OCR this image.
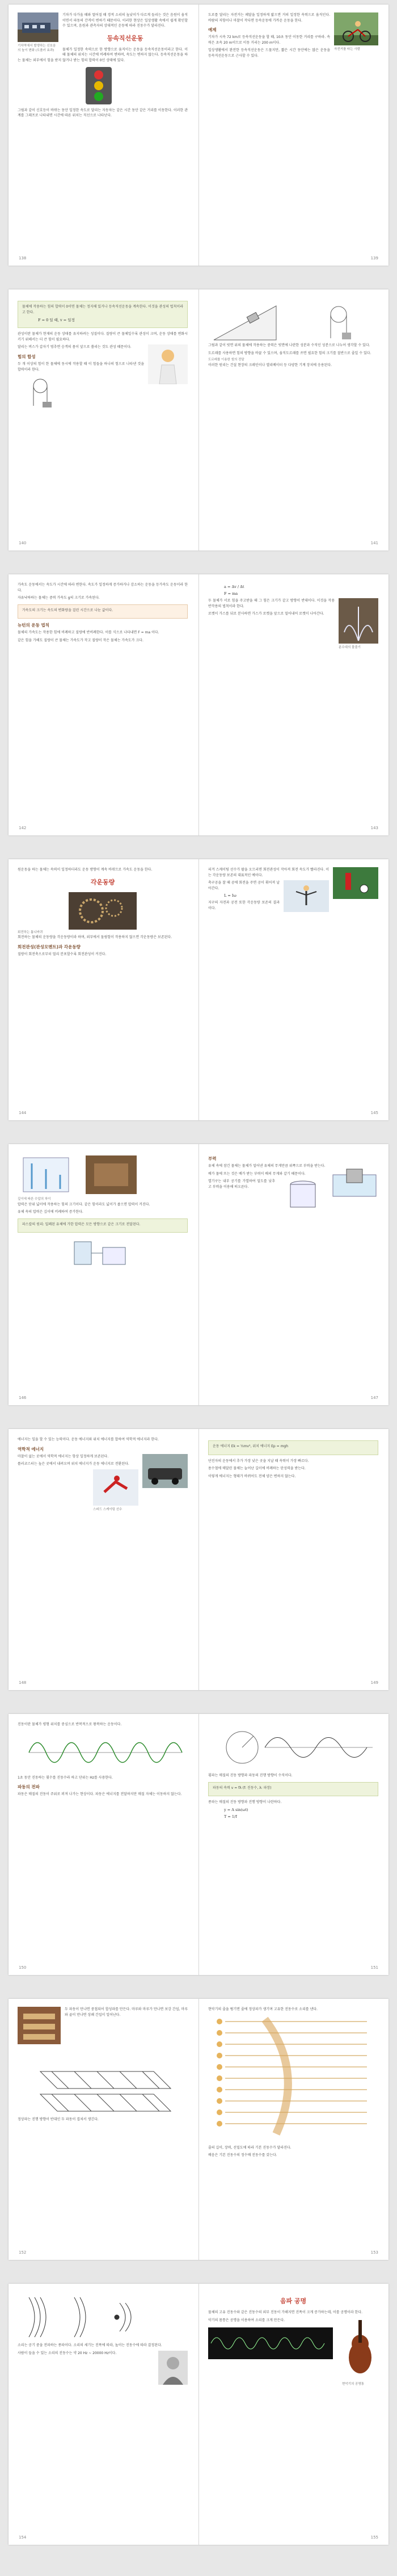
기차역에서 발생하는 신호음의 높이 변화 (도플러 효과)

기차가 다가올 때와 멀어질 때 경적 소리의 높낮이가 다르게 들리는 것은 음원이 움직이면서 파동의 간격이 변하기 때문이다. 이러한 현상은 일상생활 속에서 쉽게 확인할 수 있으며, 음원과 관측자의 상대적인 운동에 따라 진동수가 달라진다.

등속직선운동

물체가 일정한 속력으로 한 방향으로 움직이는 운동을 등속직선운동이라고 한다. 이때 물체의 위치는 시간에 비례하여 변하며, 속도는 변하지 않는다. 등속직선운동을 하는 물체는 외부에서 힘을 받지 않거나 받는 힘의 합력이 0인 상태에 있다.

그림과 같이 신호등이 바뀌는 동안 일정한 속도로 달리는 자동차는 같은 시간 동안 같은 거리를 이동한다. 이러한 관계를 그래프로 나타내면 시간에 따른 위치는 직선으로 나타난다.

자전거를 타는 사람

도로를 달리는 자전거는 페달을 일정하게 밟으면 거의 일정한 속력으로 움직인다. 바람의 저항이나 마찰이 작다면 등속운동에 가까운 운동을 한다.

예제

기차가 시속 72 km로 등속직선운동을 할 때, 10초 동안 이동한 거리를 구하라. 속력은 초속 20 m이므로 이동 거리는 200 m이다.

일상생활에서 완전한 등속직선운동은 드물지만, 짧은 시간 동안에는 많은 운동을 등속직선운동으로 근사할 수 있다.

138	139

물체에 작용하는 힘의 합력이 0이면 물체는 정지해 있거나 등속직선운동을 계속한다. 이것을 관성의 법칙이라고 한다.

F = 0 일 때, v = 일정

관성이란 물체가 현재의 운동 상태를 유지하려는 성질이다. 질량이 큰 물체일수록 관성이 크며, 운동 상태를 변화시키기 위해서는 더 큰 힘이 필요하다.

달리는 버스가 갑자기 멈추면 승객의 몸이 앞으로 쏠리는 것도 관성 때문이다.

힘의 합성

두 개 이상의 힘이 한 물체에 동시에 작용할 때 이 힘들을 하나의 힘으로 나타낸 것을 합력이라 한다.

그림과 같이 빗면 위의 물체에 작용하는 중력은 빗면에 나란한 성분과 수직인 성분으로 나누어 생각할 수 있다.

도르래를 사용하면 힘의 방향을 바꿀 수 있으며, 움직도르래를 쓰면 필요한 힘의 크기를 절반으로 줄일 수 있다.

도르래를 이용한 힘의 전달

이러한 원리는 건설 현장의 크레인이나 엘리베이터 등 다양한 기계 장치에 응용된다.

140	141

가속도 운동에서는 속도가 시간에 따라 변한다. 속도가 일정하게 증가하거나 감소하는 운동을 등가속도 운동이라 한다.

자유낙하하는 물체는 중력 가속도 g의 크기로 가속된다.

가속도의 크기는 속도의 변화량을 걸린 시간으로 나눈 값이다.

뉴턴의 운동 법칙

물체의 가속도는 작용한 힘에 비례하고 질량에 반비례한다. 이를 식으로 나타내면 F = ma 이다.

같은 힘을 가해도 질량이 큰 물체는 가속도가 작고 질량이 작은 물체는 가속도가 크다.

a = Δv / Δt
F = ma
분수대의 물줄기

두 물체가 서로 힘을 주고받을 때 그 힘은 크기가 같고 방향이 반대이다. 이것을 작용 반작용의 법칙이라 한다.

로켓이 가스를 뒤로 분사하면 가스가 로켓을 앞으로 밀어내어 로켓이 나아간다.

142	143

원운동을 하는 물체는 속력이 일정하더라도 운동 방향이 계속 바뀌므로 가속도 운동을 한다.

각운동량
회전하는 톱니바퀴

회전하는 물체의 운동량을 각운동량이라 하며, 외부에서 돌림힘이 작용하지 않으면 각운동량은 보존된다.

회전관성(관성모멘트)과 각운동량

질량이 회전축으로부터 멀리 분포할수록 회전관성이 커진다.

피겨 스케이팅 선수가 팔을 오므리면 회전관성이 작아져 회전 속도가 빨라진다. 이는 각운동량 보존의 대표적인 예이다.

축구공을 찰 때 공에 회전을 주면 공이 휘어져 날아간다.

L = Iω

지구의 자전과 공전 또한 각운동량 보존의 결과이다.

144	145
깊이에 따른 수압의 차이

압력은 단위 넓이에 작용하는 힘의 크기이다. 같은 힘이라도 넓이가 좁으면 압력이 커진다.

유체 속의 압력은 깊이에 비례하여 증가한다.

파스칼의 원리: 밀폐된 유체에 가한 압력은 모든 방향으로 같은 크기로 전달된다.

부력

유체 속에 잠긴 물체는 물체가 밀어낸 유체의 무게만큼 위쪽으로 부력을 받는다.

배가 물에 뜨는 것은 배가 받는 부력이 배의 무게와 같기 때문이다.

열기구는 내부 공기를 가열하여 밀도를 낮추고 부력을 이용해 떠오른다.

146	147

에너지는 일을 할 수 있는 능력이다. 운동 에너지와 위치 에너지를 합하여 역학적 에너지라 한다.

역학적 에너지

마찰이 없는 곳에서 역학적 에너지는 항상 일정하게 보존된다.

롤러코스터는 높은 곳에서 내려오며 위치 에너지가 운동 에너지로 전환된다.

스피드 스케이팅 선수

운동 에너지 Ek = ½mv², 위치 에너지 Ep = mgh

단진자의 운동에서 추가 가장 낮은 곳을 지날 때 속력이 가장 빠르다.

용수철에 매달린 물체는 늘어난 길이에 비례하는 탄성력을 받는다.

이렇게 에너지는 형태가 바뀌어도 전체 양은 변하지 않는다.

148	149

진동이란 물체가 평형 위치를 중심으로 반복적으로 왕복하는 운동이다.

1초 동안 진동하는 횟수를 진동수라 하고 단위는 Hz를 사용한다.

파동의 전파

파동은 매질의 진동이 주위로 퍼져 나가는 현상이다. 파동은 에너지를 전달하지만 매질 자체는 이동하지 않는다.

횡파는 매질의 진동 방향과 파동의 진행 방향이 수직이다.

파동의 속력 v = fλ (f: 진동수, λ: 파장)

종파는 매질의 진동 방향과 진행 방향이 나란하다.

y = A sin(ωt)
T = 1/f
150	151

두 파동이 만나면 중첩되어 합성파를 만든다. 마루와 마루가 만나면 보강 간섭, 마루와 골이 만나면 상쇄 간섭이 일어난다.

정상파는 진행 방향이 반대인 두 파동이 겹쳐서 생긴다.

현악기의 줄을 튕기면 줄에 정상파가 생기며 고유한 진동수로 소리를 낸다.

줄의 길이, 장력, 선밀도에 따라 기본 진동수가 달라진다.

배음은 기본 진동수의 정수배 진동수를 갖는다.

152	153

소리는 공기 중을 전파하는 종파이다. 소리의 세기는 진폭에 따라, 높이는 진동수에 따라 결정된다.

사람이 들을 수 있는 소리의 진동수는 약 20 Hz ~ 20000 Hz이다.

음파 공명

물체의 고유 진동수와 같은 진동수의 외부 진동이 가해지면 진폭이 크게 증가하는데, 이를 공명이라 한다.

현악기의 공명통

악기의 몸통은 공명을 이용하여 소리를 크게 만든다.

154	155
